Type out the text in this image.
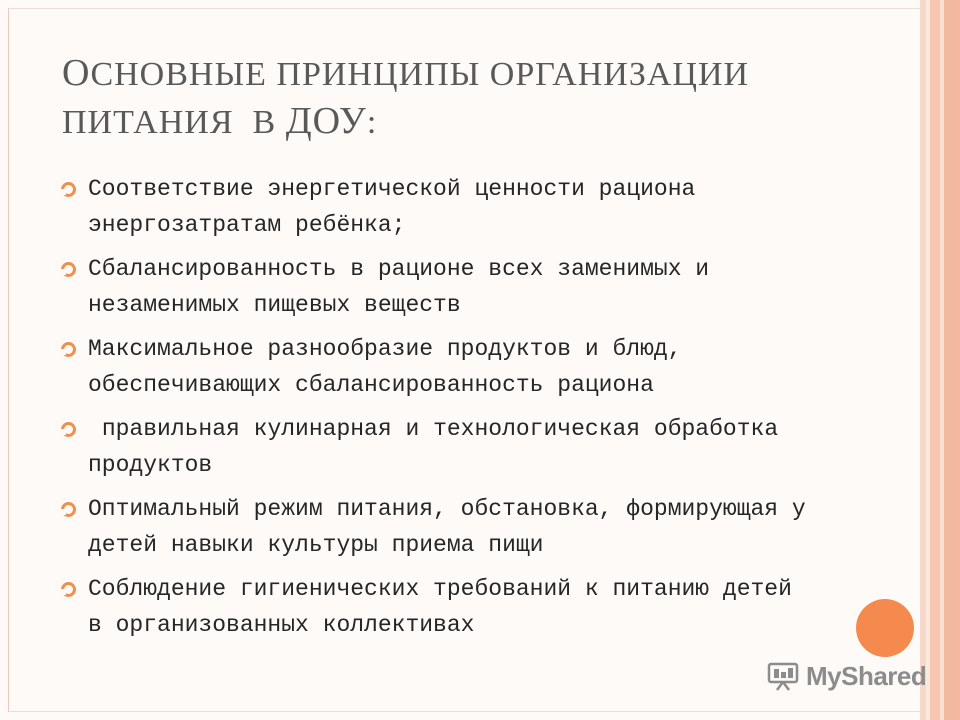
ОСНОВНЫЕ ПРИНЦИПЫ ОРГАНИЗАЦИИ
ПИТАНИЯ  В ДОУ:
Соответствие энергетической ценности рациона энергозатратам ребёнка;
Сбалансированность в рационе всех заменимых и незаменимых пищевых веществ
Максимальное разнообразие продуктов и блюд, обеспечивающих сбалансированность рациона
правильная кулинарная и технологическая обработка продуктов
Оптимальный режим питания, обстановка, формирующая у детей навыки культуры приема пищи
Соблюдение гигиенических требований к питанию детей в организованных коллективах
MyShared
